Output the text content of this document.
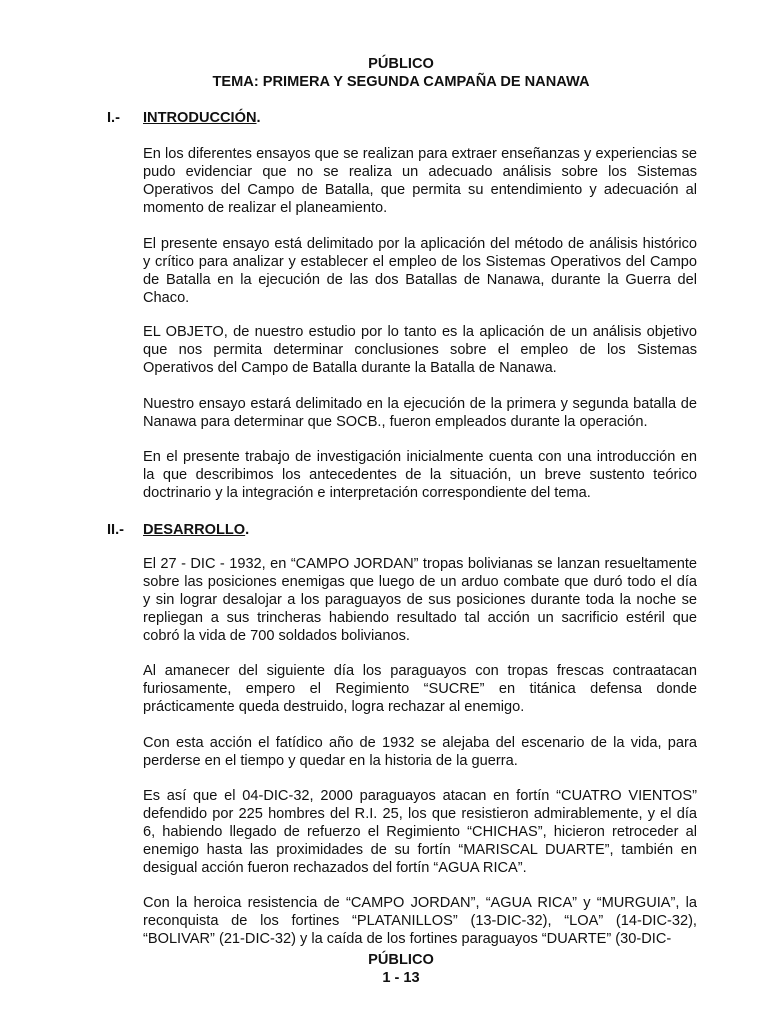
PÚBLICO
TEMA: PRIMERA Y SEGUNDA CAMPAÑA DE NANAWA
I.- INTRODUCCIÓN.

En los diferentes ensayos que se realizan para extraer enseñanzas y experiencias se pudo evidenciar que no se realiza un adecuado análisis sobre los Sistemas Operativos del Campo de Batalla, que permita su entendimiento y adecuación al momento de realizar el planeamiento.

El presente ensayo está delimitado por la aplicación del método de análisis histórico y crítico para analizar y establecer el empleo de los Sistemas Operativos del Campo de Batalla en la ejecución de las dos Batallas de Nanawa, durante la Guerra del Chaco.

EL OBJETO, de nuestro estudio por lo tanto es la aplicación de un análisis objetivo que nos permita determinar conclusiones sobre el empleo de los Sistemas Operativos del Campo de Batalla durante la Batalla de Nanawa.

Nuestro ensayo estará delimitado en la ejecución de la primera y segunda batalla de Nanawa para determinar que SOCB., fueron empleados durante la operación.

En el presente trabajo de investigación inicialmente cuenta con una introducción en la que describimos los antecedentes de la situación, un breve sustento teórico doctrinario y la integración e interpretación correspondiente del tema.

II.- DESARROLLO.

El 27 - DIC - 1932, en “CAMPO JORDAN” tropas bolivianas se lanzan resueltamente sobre las posiciones enemigas que luego de un arduo combate que duró todo el día y sin lograr desalojar a los paraguayos de sus posiciones durante toda la noche se repliegan a sus trincheras habiendo resultado tal acción un sacrificio estéril que cobró la vida de 700 soldados bolivianos.

Al amanecer del siguiente día los paraguayos con tropas frescas contraatacan furiosamente, empero el Regimiento “SUCRE” en titánica defensa donde prácticamente queda destruido, logra rechazar al enemigo.

Con esta acción el fatídico año de 1932 se alejaba del escenario de la vida, para perderse en el tiempo y quedar en la historia de la guerra.

Es así que el 04-DIC-32, 2000 paraguayos atacan en fortín “CUATRO VIENTOS” defendido por 225 hombres del R.I. 25, los que resistieron admirablemente, y el día 6, habiendo llegado de refuerzo el Regimiento “CHICHAS”, hicieron retroceder al enemigo hasta las proximidades de su fortín “MARISCAL DUARTE”, también en desigual acción fueron rechazados del fortín “AGUA RICA”.

Con la heroica resistencia de “CAMPO JORDAN”, “AGUA RICA” y “MURGUIA”, la reconquista de los fortines “PLATANILLOS” (13-DIC-32), “LOA” (14-DIC-32), “BOLIVAR” (21-DIC-32) y la caída de los fortines paraguayos “DUARTE” (30-DIC-

PÚBLICO
1 - 13
